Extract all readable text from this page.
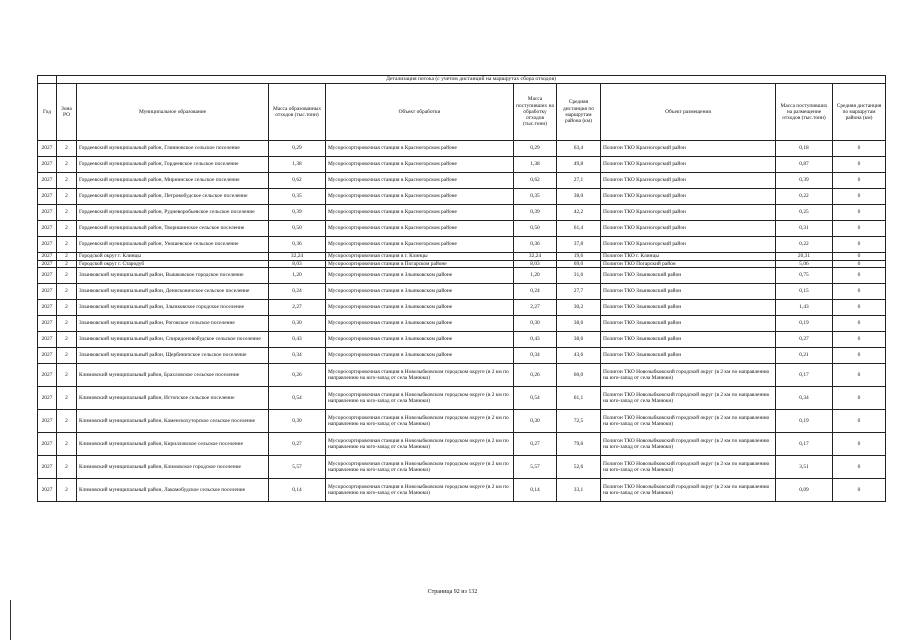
	Детализация потока (с учетом дистанций на маршрутах сбора отходов)								
Год	Зона РО	Муниципальное образование	Масса образованных отходов (тыс.тонн)	Объект обработки	Масса поступивших на обработку отходов (тыс.тонн)	Средняя дистанция по маршрутам района (км)	Объект размещения	Масса поступивших на размещение отходов (тыс.тонн)	Средняя дистанция по маршрутам района (км)
2027	2	Гордеевский муниципальный район, Глинновское сельское поселение	0,29	Мусоросортировочная станция в Красногорском районе	0,29	63,4	Полигон ТКО Красногорский район	0,18	0
2027	2	Гордеевский муниципальный район, Гордеевское сельское поселение	1,38	Мусоросортировочная станция в Красногорском районе	1,38	49,8	Полигон ТКО Красногорский район	0,87	0
2027	2	Гордеевский муниципальный район, Мирнинское сельское поселение	0,62	Мусоросортировочная станция в Красногорском районе	0,62	27,1	Полигон ТКО Красногорский район	0,39	0
2027	2	Гордеевский муниципальный район, Петровобудское сельское поселение	0,35	Мусоросортировочная станция в Красногорском районе	0,35	38,0	Полигон ТКО Красногорский район	0,22	0
2027	2	Гордеевский муниципальный район, Рудневоробьевское сельское поселение	0,39	Мусоросортировочная станция в Красногорском районе	0,39	42,2	Полигон ТКО Красногорский район	0,25	0
2027	2	Гордеевский муниципальный район, Творишинское сельское поселение	0,50	Мусоросортировочная станция в Красногорском районе	0,50	61,4	Полигон ТКО Красногорский район	0,31	0
2027	2	Гордеевский муниципальный район, Уношевское сельское поселение	0,36	Мусоросортировочная станция в Красногорском районе	0,36	37,8	Полигон ТКО Красногорский район	0,22	0
2027	2	Городской округ г. Клинцы	32,24	Мусоросортировочная станция в г. Клинцы	32,24	19,6	Полигон ТКО г. Клинцы	20,31	0
2027	2	Городской округ г. Стародуб	8,03	Мусоросортировочная станция в Погарском районе	8,03	69,0	Полигон ТКО Погарский район	5,06	0
2027	2	Злынковский муниципальный район, Вышковское городское поселение	1,20	Мусоросортировочная станция в Злынковском районе	1,20	31,6	Полигон ТКО Злынковский район	0,75	0
2027	2	Злынковский муниципальный район, Денисковичское сельское поселение	0,24	Мусоросортировочная станция в Злынковском районе	0,24	27,7	Полигон ТКО Злынковский район	0,15	0
2027	2	Злынковский муниципальный район, Злынковское городское поселение	2,27	Мусоросортировочная станция в Злынковском районе	2,27	30,2	Полигон ТКО Злынковский район	1,43	0
2027	2	Злынковский муниципальный район, Роговское сельское поселение	0,30	Мусоросортировочная станция в Злынковском районе	0,30	38,6	Полигон ТКО Злынковский район	0,19	0
2027	2	Злынковский муниципальный район, Спиридоновобудское сельское поселение	0,43	Мусоросортировочная станция в Злынковском районе	0,43	38,6	Полигон ТКО Злынковский район	0,27	0
2027	2	Злынковский муниципальный район, Щербиничское сельское поселение	0,34	Мусоросортировочная станция в Злынковском районе	0,34	43,6	Полигон ТКО Злынковский район	0,21	0
2027	2	Климовский муниципальный район, Брахловское сельское поселение	0,26	Мусоросортировочная станция в Новозыбковском городском округе (в 2 км по направлению на юго-запад от села Манюки)	0,26	60,0	Полигон ТКО Новозыбковский городской округ (в 2 км по направлению на юго-запад от села Манюки)	0,17	0
2027	2	Климовский муниципальный район, Истопское сельское поселение	0,54	Мусоросортировочная станция в Новозыбковском городском округе (в 2 км по направлению на юго-запад от села Манюки)	0,54	61,1	Полигон ТКО Новозыбковский городской округ (в 2 км по направлению на юго-запад от села Манюки)	0,34	0
2027	2	Климовский муниципальный район, Каменскохуторское сельское поселение	0,30	Мусоросортировочная станция в Новозыбковском городском округе (в 2 км по направлению на юго-запад от села Манюки)	0,30	72,5	Полигон ТКО Новозыбковский городской округ (в 2 км по направлению на юго-запад от села Манюки)	0,19	0
2027	2	Климовский муниципальный район, Кирилловское сельское поселение	0,27	Мусоросортировочная станция в Новозыбковском городском округе (в 2 км по направлению на юго-запад от села Манюки)	0,27	79,6	Полигон ТКО Новозыбковский городской округ (в 2 км по направлению на юго-запад от села Манюки)	0,17	0
2027	2	Климовский муниципальный район, Климовское городское поселение	5,57	Мусоросортировочная станция в Новозыбковском городском округе (в 2 км по направлению на юго-запад от села Манюки)	5,57	52,6	Полигон ТКО Новозыбковский городской округ (в 2 км по направлению на юго-запад от села Манюки)	3,51	0
2027	2	Климовский муниципальный район, Лакомобудское сельское поселение	0,14	Мусоросортировочная станция в Новозыбковском городском округе (в 2 км по направлению на юго-запад от села Манюки)	0,14	33,1	Полигон ТКО Новозыбковский городской округ (в 2 км по направлению на юго-запад от села Манюки)	0,09	0
Страница 92 из 132
